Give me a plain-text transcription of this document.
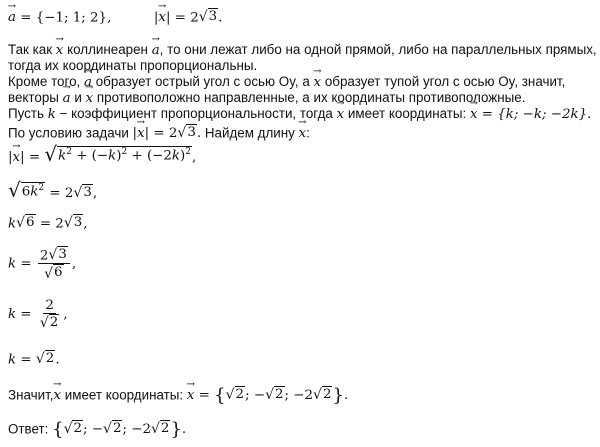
→ a = {−1; 1; 2},	|→ x| = 2 √ 3 .
Так как → x коллинеарен → a, то они лежат либо на одной прямой, либо на параллельных прямых,
тогда их координаты пропорциональны.
Кроме того, → a образует острый угол с осью Oy, а → x образует тупой угол с осью Oy, значит,
векторы → a и → x противоположно направленные, а их координаты противоположные.
Пусть k − коэффициент пропорциональности, тогда → x имеет координаты: → x = {k; −k; −2k}.
По условию задачи |→ x| = 2 √ 3 . Найдем длину → x:
|→ x| = √ $k^2 + (-k)^2 + (-2k)^2$ ,
√ $6k^2 = 2$ √ 3 ,
k √ 6 = 2 √ 3 ,
$k = \frac{2 √ 3}{√ 6}$ ,
$k = \frac{2}{√ 2}$ ,
k = √ 2 .
Значит,→ x имеет координаты: → x = { √ 2 ; − √ 2 ; −2 √ 2 }.
Ответ: { √ 2 ; − √ 2 ; −2 √ 2 }.
